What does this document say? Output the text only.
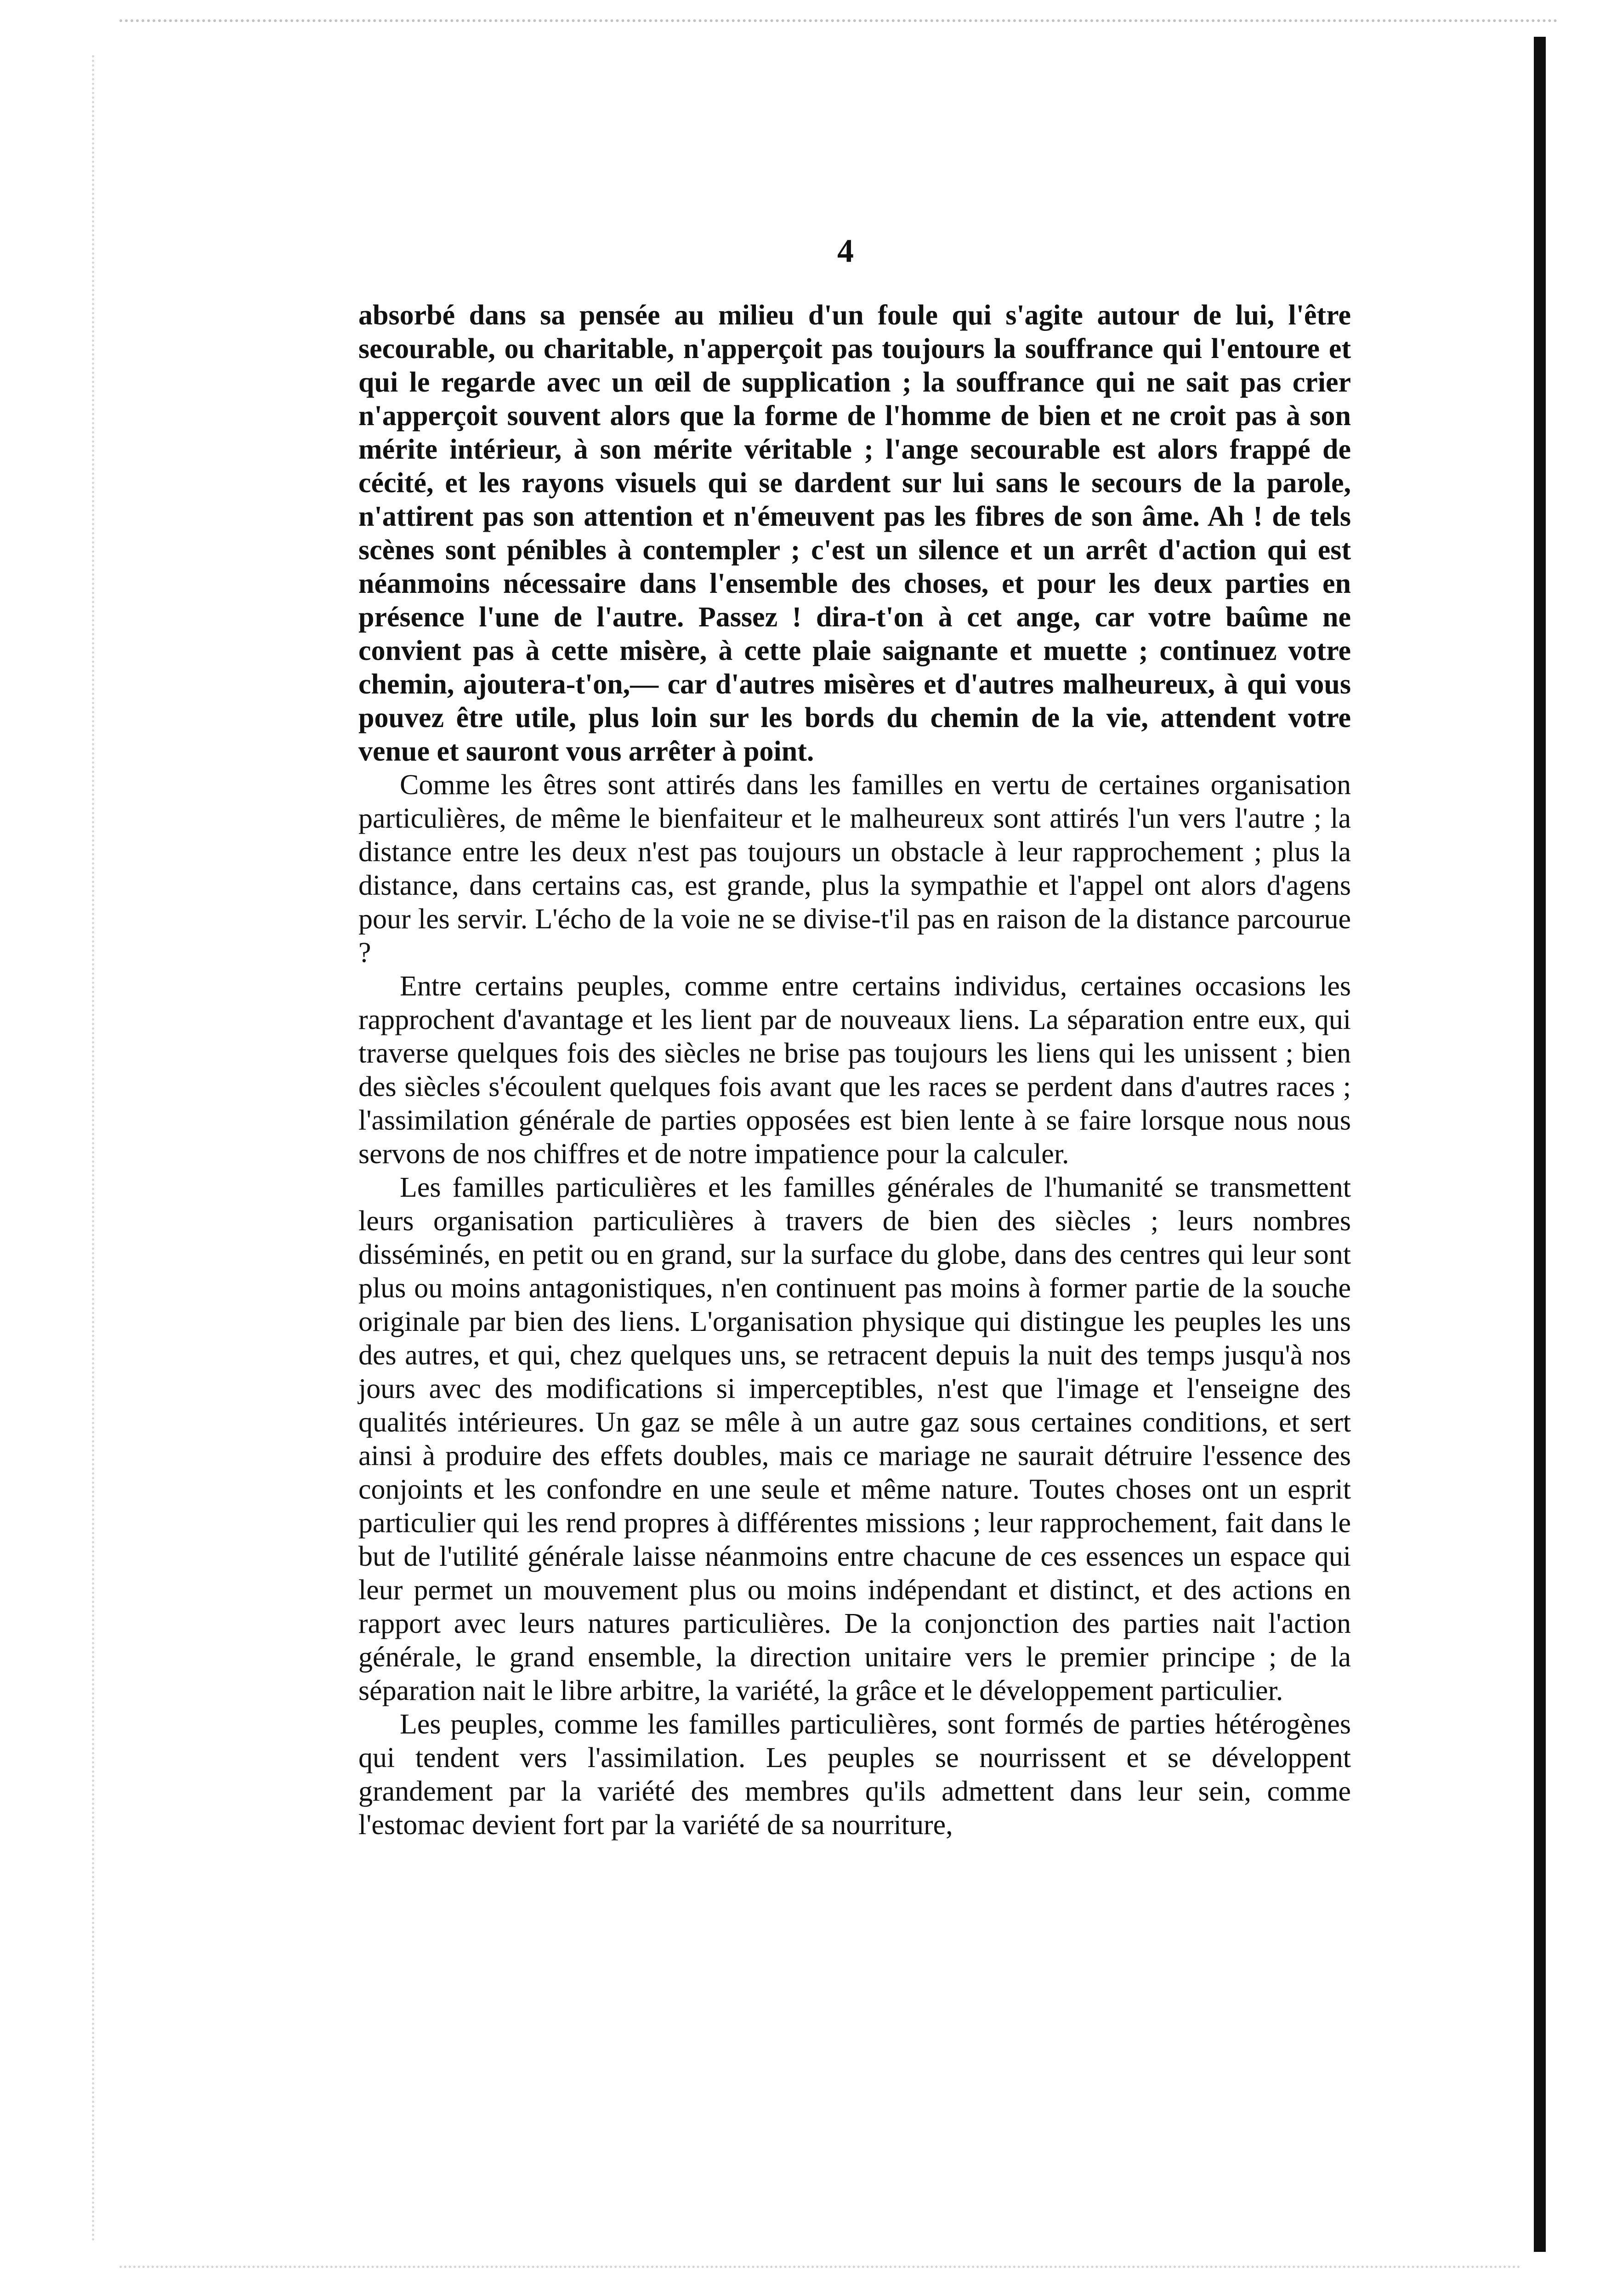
4

absorbé dans sa pensée au milieu d'un foule qui s'agite autour de lui, l'être secourable, ou charitable, n'apperçoit pas toujours la souffrance qui l'entoure et qui le regarde avec un œil de supplication ; la souffrance qui ne sait pas crier n'apperçoit souvent alors que la forme de l'homme de bien et ne croit pas à son mérite intérieur, à son mérite véritable ; l'ange secourable est alors frappé de cécité, et les rayons visuels qui se dardent sur lui sans le secours de la parole, n'attirent pas son attention et n'émeuvent pas les fibres de son âme. Ah ! de tels scènes sont pénibles à contempler ; c'est un silence et un arrêt d'action qui est néanmoins nécessaire dans l'ensemble des choses, et pour les deux parties en présence l'une de l'autre. Passez ! dira-t'on à cet ange, car votre baûme ne convient pas à cette misère, à cette plaie saignante et muette ; continuez votre chemin, ajoutera-t'on,— car d'autres misères et d'autres malheureux, à qui vous pouvez être utile, plus loin sur les bords du chemin de la vie, attendent votre venue et sauront vous arrêter à point.

Comme les êtres sont attirés dans les familles en vertu de certaines organisation particulières, de même le bienfaiteur et le malheureux sont attirés l'un vers l'autre ; la distance entre les deux n'est pas toujours un obstacle à leur rapprochement ; plus la distance, dans certains cas, est grande, plus la sympathie et l'appel ont alors d'agens pour les servir. L'écho de la voie ne se divise-t'il pas en raison de la distance parcourue ?

Entre certains peuples, comme entre certains individus, certaines occasions les rapprochent d'avantage et les lient par de nouveaux liens. La séparation entre eux, qui traverse quelques fois des siècles ne brise pas toujours les liens qui les unissent ; bien des siècles s'écoulent quelques fois avant que les races se perdent dans d'autres races ; l'assimilation générale de parties opposées est bien lente à se faire lorsque nous nous servons de nos chiffres et de notre impatience pour la calculer.

Les familles particulières et les familles générales de l'humanité se transmettent leurs organisation particulières à travers de bien des siècles ; leurs nombres disséminés, en petit ou en grand, sur la surface du globe, dans des centres qui leur sont plus ou moins antagonistiques, n'en continuent pas moins à former partie de la souche originale par bien des liens. L'organisation physique qui distingue les peuples les uns des autres, et qui, chez quelques uns, se retracent depuis la nuit des temps jusqu'à nos jours avec des modifications si imperceptibles, n'est que l'image et l'enseigne des qualités intérieures. Un gaz se mêle à un autre gaz sous certaines conditions, et sert ainsi à produire des effets doubles, mais ce mariage ne saurait détruire l'essence des conjoints et les confondre en une seule et même nature. Toutes choses ont un esprit particulier qui les rend propres à différentes missions ; leur rapprochement, fait dans le but de l'utilité générale laisse néanmoins entre chacune de ces essences un espace qui leur permet un mouvement plus ou moins indépendant et distinct, et des actions en rapport avec leurs natures particulières. De la conjonction des parties nait l'action générale, le grand ensemble, la direction unitaire vers le premier principe ; de la séparation nait le libre arbitre, la variété, la grâce et le développement particulier.

Les peuples, comme les familles particulières, sont formés de parties hétérogènes qui tendent vers l'assimilation. Les peuples se nourrissent et se développent grandement par la variété des membres qu'ils admettent dans leur sein, comme l'estomac devient fort par la variété de sa nourriture,
